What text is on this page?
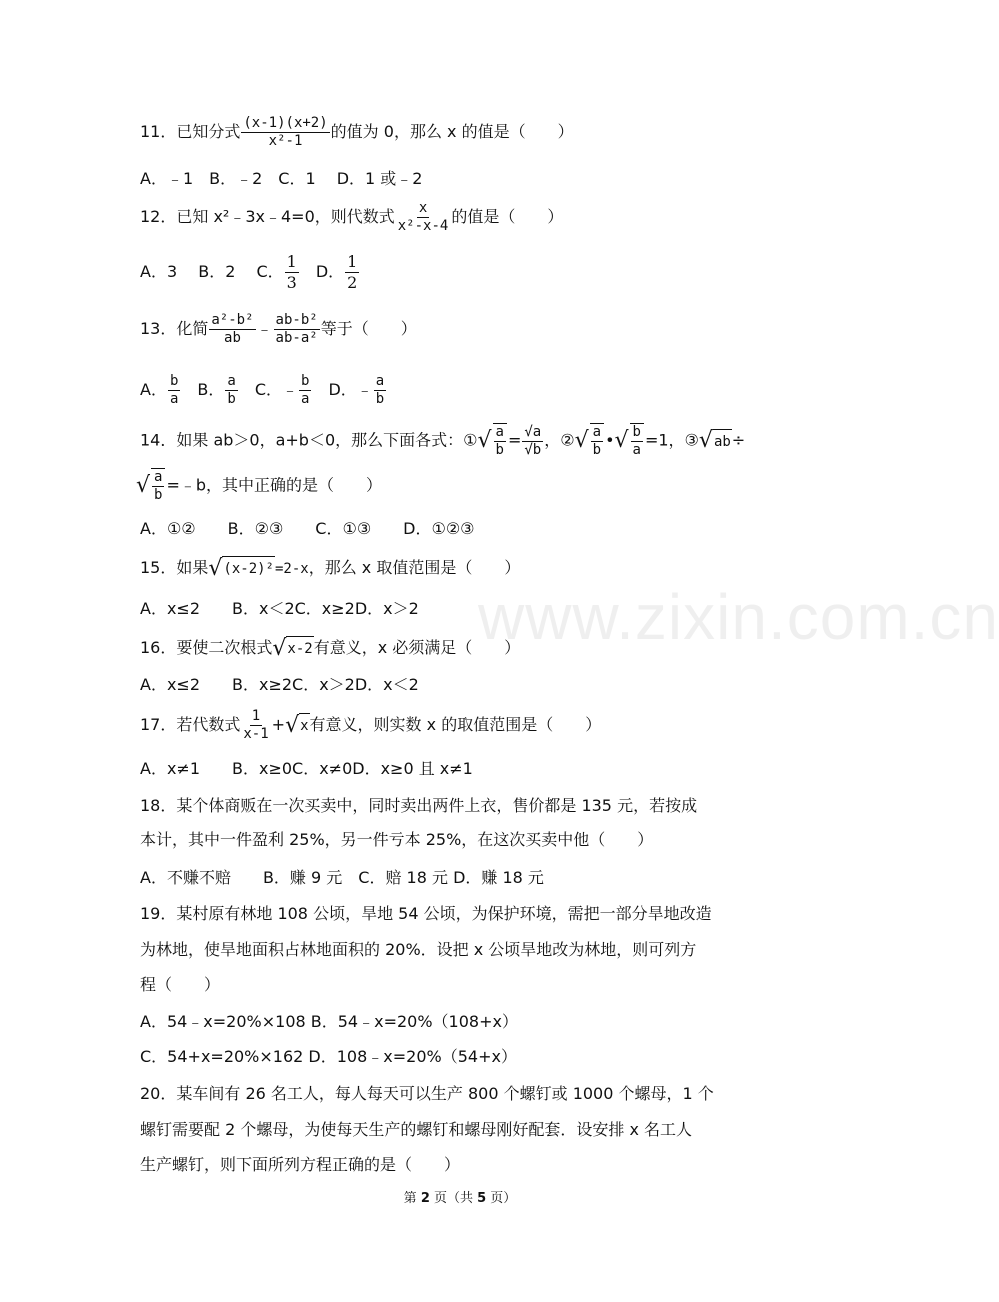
www.zixin.com.cn
11．已知分式 $\frac{(x-1)(x+2)}{\text{x²-1}}$ 的值为 0，那么 x 的值是（　　）
A．﹣1　B．﹣2　C．1　 D．1 或﹣2
12．已知 x²﹣3x﹣4=0，则代数式 $\frac{x}{\text{x²-x-4}}$ 的值是（　　）
A．3　 B．2　 C． $\frac{1}{3}$ 　D． $\frac{1}{2}$
13．化简 $\frac{\text{a²-b²}}{ab}$ ﹣ $\frac{\text{ab-b²}}{\text{ab-a²}}$ 等于（　　）
A． $\frac{b}{a}$ 　B． $\frac{a}{b}$ 　C．﹣ $\frac{b}{a}$ 　D．﹣ $\frac{a}{b}$
14．如果 ab＞0，a+b＜0，那么下面各式：① √ $\frac{a}{b} = \frac{√a}{√b}$ ，② √ $\frac{a}{b}$ • √ $\frac{b}{a} =1$，③ √ ab ÷
√ $\frac{a}{b}$ =﹣b，其中正确的是（　　）
A．①②　　B．②③　　C．①③　　D．①②③
15．如果 √ (x-2)² =2-x，那么 x 取值范围是（　　）
A．x≤2　　B．x＜2C．x≥2D．x＞2
16．要使二次根式 √ x-2 有意义，x 必须满足（　　）
A．x≤2　　B．x≥2C．x＞2D．x＜2
17．若代数式 $\frac{1}{x-1}$ + √ x 有意义，则实数 x 的取值范围是（　　）
A．x≠1　　B．x≥0C．x≠0D．x≥0 且 x≠1
18．某个体商贩在一次买卖中，同时卖出两件上衣，售价都是 135 元，若按成
本计，其中一件盈利 25%，另一件亏本 25%，在这次买卖中他（　　）
A．不赚不赔　　B．赚 9 元　C．赔 18 元 D．赚 18 元
19．某村原有林地 108 公顷，旱地 54 公顷，为保护环境，需把一部分旱地改造
为林地，使旱地面积占林地面积的 20%．设把 x 公顷旱地改为林地，则可列方
程（　　）
A．54﹣x=20%×108 B．54﹣x=20%（108+x）
C．54+x=20%×162 D．108﹣x=20%（54+x）
20．某车间有 26 名工人，每人每天可以生产 800 个螺钉或 1000 个螺母，1 个
螺钉需要配 2 个螺母，为使每天生产的螺钉和螺母刚好配套．设安排 x 名工人
生产螺钉，则下面所列方程正确的是（　　）
第 2 页（共 5 页）
